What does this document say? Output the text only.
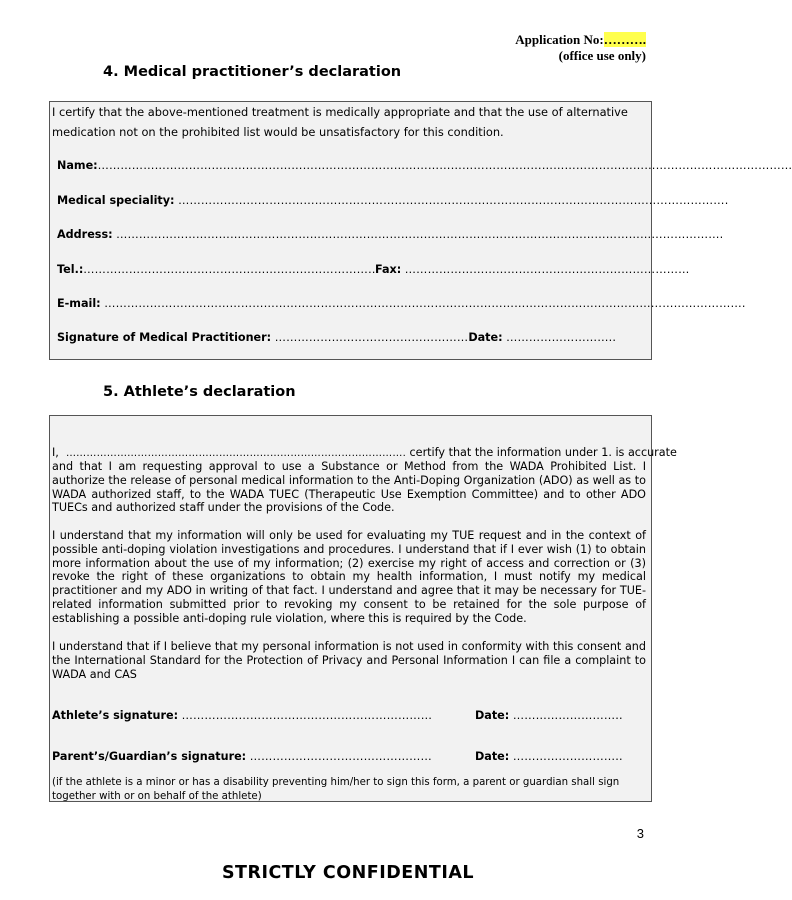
Application No:……….
(office use only)
4. Medical practitioner’s declaration
I certify that the above-mentioned treatment is medically appropriate and that the use of alternative
medication not on the prohibited list would be unsatisfactory for this condition.
Name:…………………………………………………………………………………………………………………………………………………………………
Medical speciality: ……………………………………………………………………………………………………………………………….
Address: …………………………………………………………………………………………………………………………………………….
Tel.:……………………………………………………………………
Fax: …………………………………………………………………
E-mail: …………………………………………………………………………………………………………………………………………………….
Signature of Medical Practitioner: ……………………………………………Date: ………………………..
5. Athlete’s declaration
I, ………………………………………………………………………………………. certify that the information under 1. is accurate
and that I am requesting approval to use a Substance or Method from the WADA Prohibited List. I authorize the release of personal medical information to the Anti-Doping Organization (ADO) as well as to WADA authorized staff, to the WADA TUEC (Therapeutic Use Exemption Committee) and to other ADO TUECs and authorized staff under the provisions of the Code.
I understand that my information will only be used for evaluating my TUE request and in the context of possible anti-doping violation investigations and procedures. I understand that if I ever wish (1) to obtain more information about the use of my information; (2) exercise my right of access and correction or (3) revoke the right of these organizations to obtain my health information, I must notify my medical practitioner and my ADO in writing of that fact. I understand and agree that it may be necessary for TUE-related information submitted prior to revoking my consent to be retained for the sole purpose of establishing a possible anti-doping rule violation, where this is required by the Code.
I understand that if I believe that my personal information is not used in conformity with this consent and the International Standard for the Protection of Privacy and Personal Information I can file a complaint to WADA and CAS
Athlete’s signature: …………………………………………………………	Date: ………………………..
Parent’s/Guardian’s signature: …………………………………………	Date: ………………………..
(if the athlete is a minor or has a disability preventing him/her to sign this form, a parent or guardian shall sign together with or on behalf of the athlete)
3
STRICTLY CONFIDENTIAL
